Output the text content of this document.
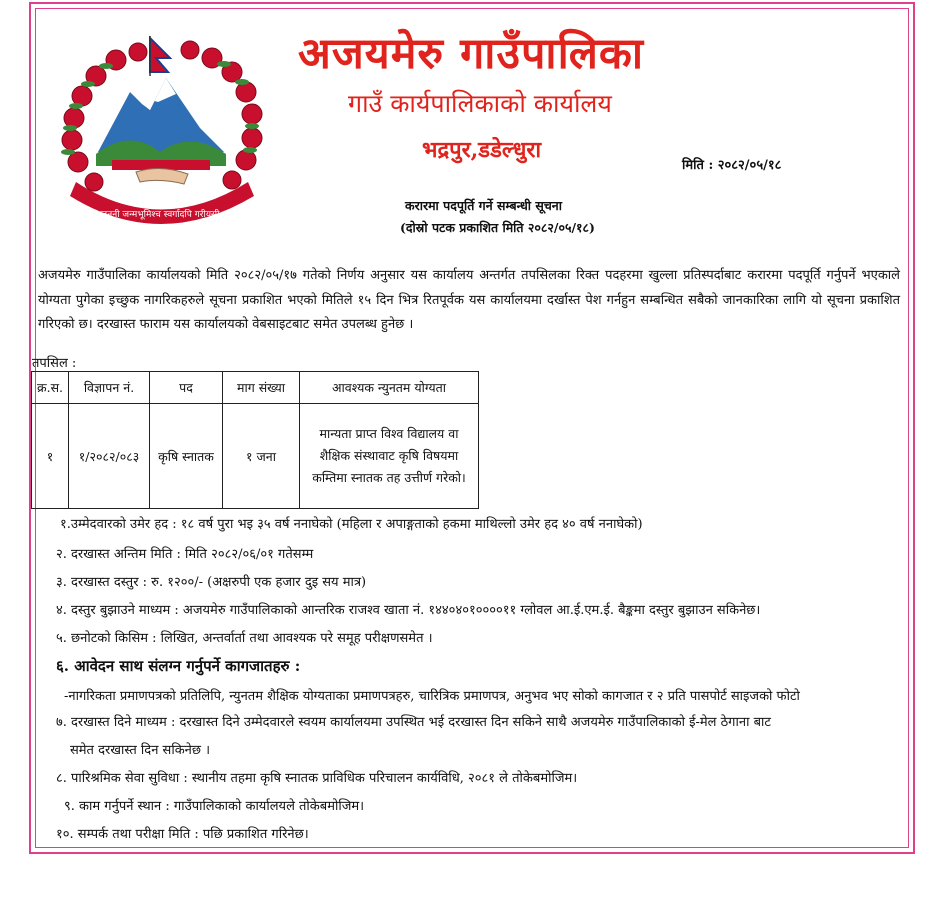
जननी जन्मभूमिश्च स्वर्गादपि गरीयसी
अजयमेरु गाउँपालिका
गाउँ कार्यपालिकाको कार्यालय
भद्रपुर,डडेल्धुरा
मिति : २०८२/०५/१८
करारमा पदपूर्ति गर्ने सम्बन्धी सूचना
(दोस्रो पटक प्रकाशित मिति २०८२/०५/१८)
अजयमेरु गाउँपालिका कार्यालयको मिति २०८२/०५/१७ गतेको निर्णय अनुसार यस कार्यालय अन्तर्गत तपसिलका रिक्त पदहरमा खुल्ला प्रतिस्पर्दाबाट करारमा पदपूर्ति गर्नुपर्ने भएकाले योग्यता पुगेका इच्छुक नागरिकहरुले सूचना प्रकाशित भएको मितिले १५ दिन भित्र रितपूर्वक यस कार्यालयमा दर्खास्त पेश गर्नहुन सम्बन्धित सबैको जानकारिका लागि यो सूचना प्रकाशित गरिएको छ। दरखास्त फाराम यस कार्यालयको वेबसाइटबाट समेत उपलब्ध हुनेछ ।
तपसिल :
क्र.स.	विज्ञापन नं.	पद	माग संख्या	आवश्यक न्युनतम योग्यता
१	१/२०८२/०८३	कृषि स्नातक	१ जना	मान्यता प्राप्त विश्व विद्यालय वा
शैक्षिक संस्थावाट कृषि विषयमा
कम्तिमा स्नातक तह उत्तीर्ण गरेको।
१.उम्मेदवारको उमेर हद : १८ वर्ष पुरा भइ ३५ वर्ष ननाघेको (महिला र अपाङ्गताको हकमा माथिल्लो उमेर हद ४० वर्ष ननाघेको)
२. दरखास्त अन्तिम मिति : मिति २०८२/०६/०१ गतेसम्म
३. दरखास्त दस्तुर : रु. १२००/- (अक्षरुपी एक हजार दुइ सय मात्र)
४. दस्तुर बुझाउने माध्यम : अजयमेरु गाउँपालिकाको आन्तरिक राजश्व खाता नं. १४४०४०१००००११ ग्लोवल आ.ई.एम.ई. बैङ्कमा दस्तुर बुझाउन सकिनेछ।
५. छनोटको किसिम : लिखित, अन्तर्वार्ता तथा आवश्यक परे समूह परीक्षणसमेत ।
६. आवेदन साथ संलग्न गर्नुपर्ने कागजातहरु :
-नागरिकता प्रमाणपत्रको प्रतिलिपि, न्युनतम शैक्षिक योग्यताका प्रमाणपत्रहरु, चारित्रिक प्रमाणपत्र, अनुभव भए सोको कागजात र २ प्रति पासपोर्ट साइजको फोटो
७. दरखास्त दिने माध्यम : दरखास्त दिने उम्मेदवारले स्वयम कार्यालयमा उपस्थित भई दरखास्त दिन सकिने साथै अजयमेरु गाउँपालिकाको ई-मेल ठेगाना बाट
समेत दरखास्त दिन सकिनेछ ।
८. पारिश्रमिक सेवा सुविधा : स्थानीय तहमा कृषि स्नातक प्राविधिक परिचालन कार्यविधि, २०८१ ले तोकेबमोजिम।
९. काम गर्नुपर्ने स्थान : गाउँपालिकाको कार्यालयले तोकेबमोजिम।
१०. सम्पर्क तथा परीक्षा मिति : पछि प्रकाशित गरिनेछ।
